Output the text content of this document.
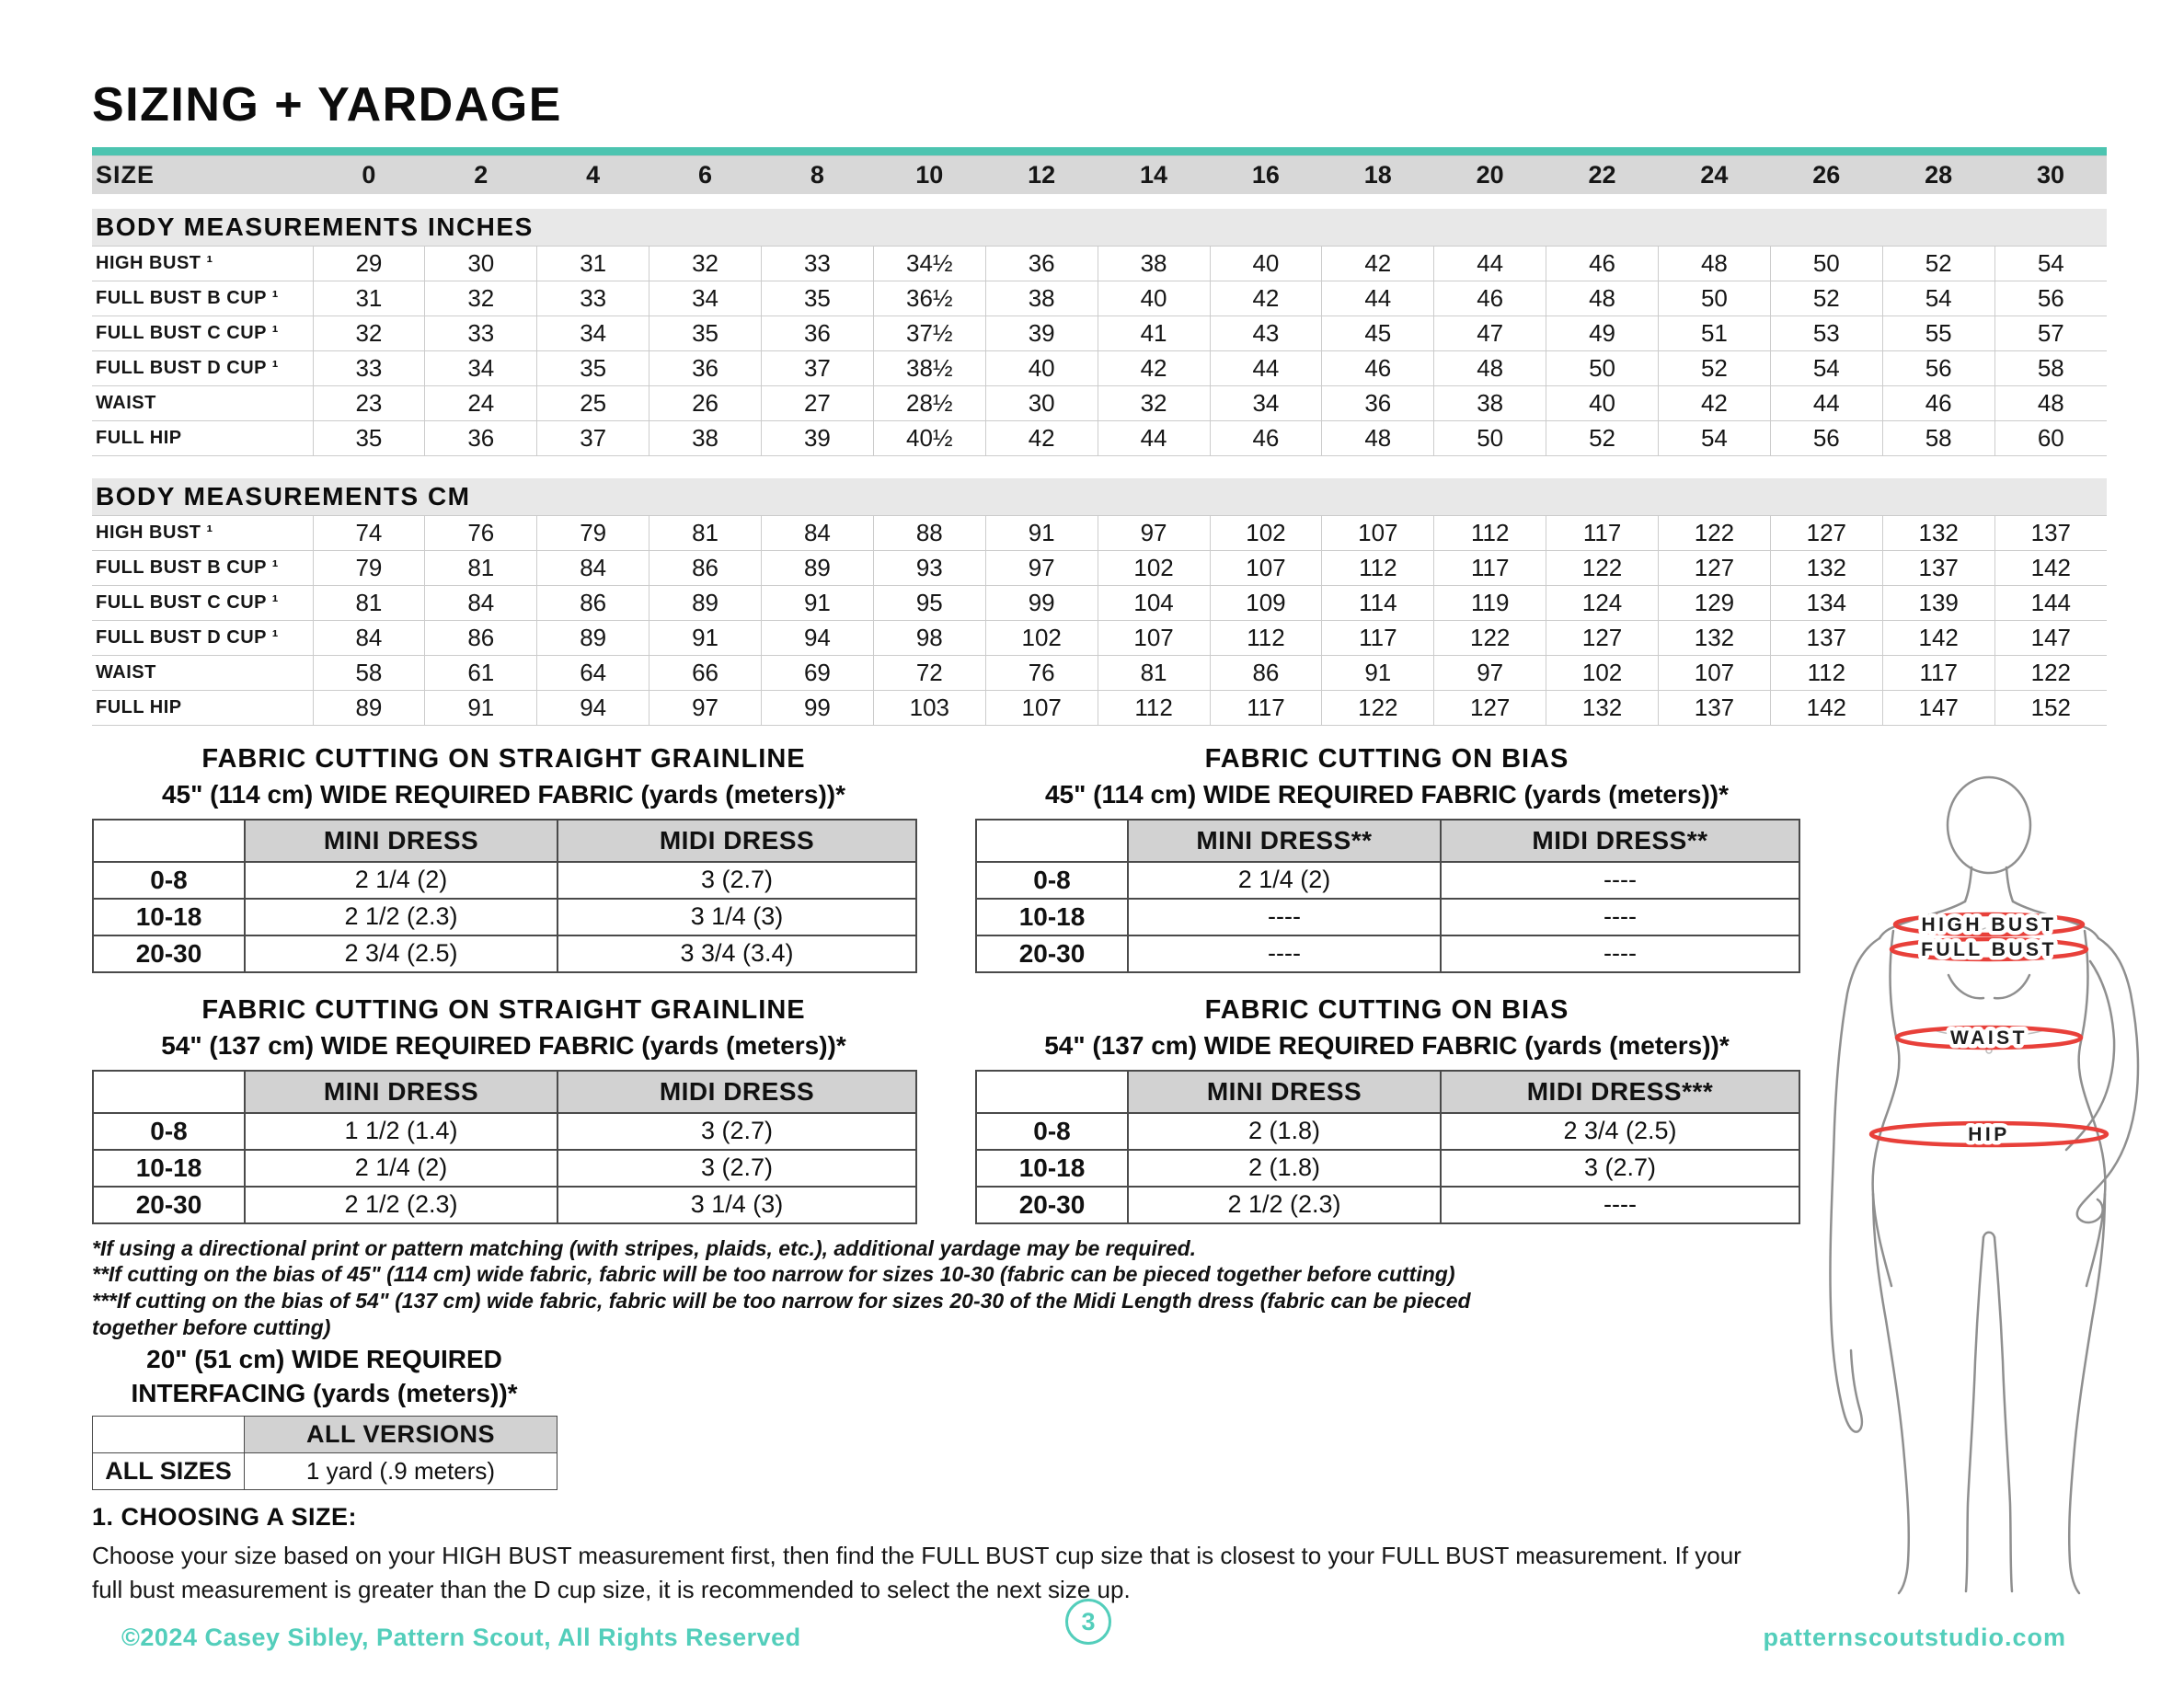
SIZING + YARDAGE
SIZE	0	2	4	6	8	10	12	14	16	18	20	22	24	26	28	30
BODY MEASUREMENTS INCHES
HIGH BUST ¹	29	30	31	32	33	34½	36	38	40	42	44	46	48	50	52	54
FULL BUST B CUP ¹	31	32	33	34	35	36½	38	40	42	44	46	48	50	52	54	56
FULL BUST C CUP ¹	32	33	34	35	36	37½	39	41	43	45	47	49	51	53	55	57
FULL BUST D CUP ¹	33	34	35	36	37	38½	40	42	44	46	48	50	52	54	56	58
WAIST	23	24	25	26	27	28½	30	32	34	36	38	40	42	44	46	48
FULL HIP	35	36	37	38	39	40½	42	44	46	48	50	52	54	56	58	60
BODY MEASUREMENTS CM
HIGH BUST ¹	74	76	79	81	84	88	91	97	102	107	112	117	122	127	132	137
FULL BUST B CUP ¹	79	81	84	86	89	93	97	102	107	112	117	122	127	132	137	142
FULL BUST C CUP ¹	81	84	86	89	91	95	99	104	109	114	119	124	129	134	139	144
FULL BUST D CUP ¹	84	86	89	91	94	98	102	107	112	117	122	127	132	137	142	147
WAIST	58	61	64	66	69	72	76	81	86	91	97	102	107	112	117	122
FULL HIP	89	91	94	97	99	103	107	112	117	122	127	132	137	142	147	152
FABRIC CUTTING ON STRAIGHT GRAINLINE
45" (114 cm) WIDE REQUIRED FABRIC (yards (meters))*
	MINI DRESS	MIDI DRESS
0-8	2 1/4 (2)	3 (2.7)
10-18	2 1/2 (2.3)	3 1/4 (3)
20-30	2 3/4 (2.5)	3 3/4 (3.4)
FABRIC CUTTING ON BIAS
45" (114 cm) WIDE REQUIRED FABRIC (yards (meters))*
	MINI DRESS**	MIDI DRESS**
0-8	2 1/4 (2)	----
10-18	----	----
20-30	----	----
FABRIC CUTTING ON STRAIGHT GRAINLINE
54" (137 cm) WIDE REQUIRED FABRIC (yards (meters))*
	MINI DRESS	MIDI DRESS
0-8	1 1/2 (1.4)	3 (2.7)
10-18	2 1/4 (2)	3 (2.7)
20-30	2 1/2 (2.3)	3 1/4 (3)
FABRIC CUTTING ON BIAS
54" (137 cm) WIDE REQUIRED FABRIC (yards (meters))*
	MINI DRESS	MIDI DRESS***
0-8	2 (1.8)	2 3/4 (2.5)
10-18	2 (1.8)	3 (2.7)
20-30	2 1/2 (2.3)	----

*If using a directional print or pattern matching (with stripes, plaids, etc.), additional yardage may be required.

**If cutting on the bias of 45" (114 cm) wide fabric, fabric will be too narrow for sizes 10-30 (fabric can be pieced together before cutting)

***If cutting on the bias of 54" (137 cm) wide fabric, fabric will be too narrow for sizes 20-30 of the Midi Length dress (fabric can be pieced together before cutting)

20" (51 cm) WIDE REQUIRED
INTERFACING (yards (meters))*
	ALL VERSIONS
ALL SIZES	1 yard (.9 meters)
1. CHOOSING A SIZE:

Choose your size based on your HIGH BUST measurement first, then find the FULL BUST cup size that is closest to your FULL BUST measurement. If your full bust measurement is greater than the D cup size, it is recommended to select the next size up.

HIGH BUST
FULL BUST
WAIST
HIP
©2024 Casey Sibley, Pattern Scout, All Rights Reserved
3
patternscoutstudio.com
